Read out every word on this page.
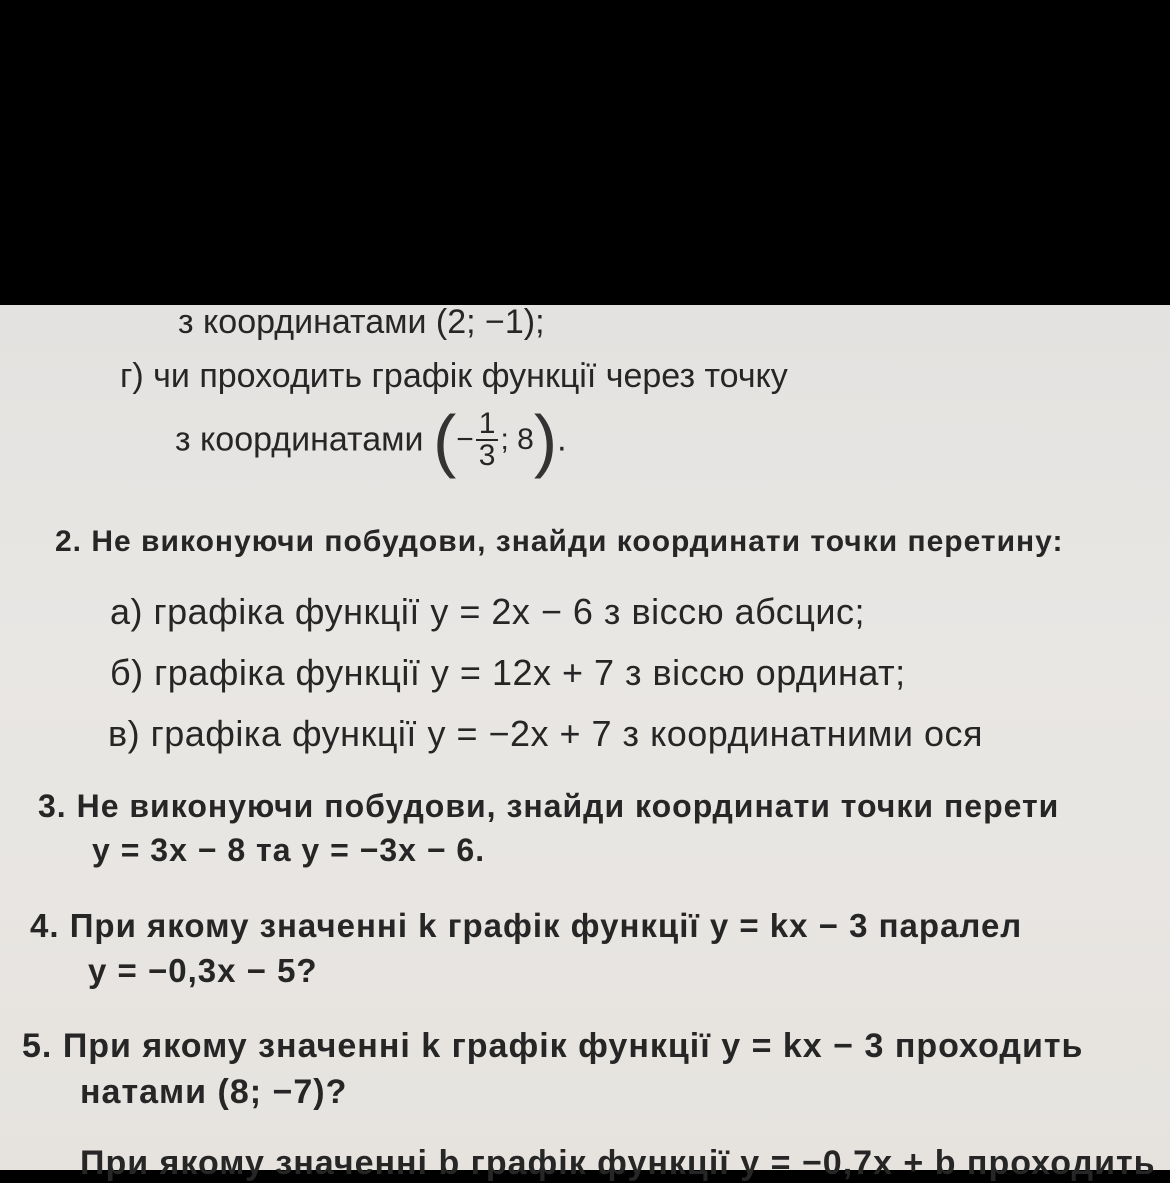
з координатами (2; −1);
г) чи проходить графік функції через точку
з координатами (− $\frac{1}{3}$ ; 8).
2. Не виконуючи побудови, знайди координати точки перетину:
а) графіка функції y = 2x − 6 з віссю абсцис;
б) графіка функції y = 12x + 7 з віссю ординат;
в) графіка функції y = −2x + 7 з координатними ося
3. Не виконуючи побудови, знайди координати точки перети
y = 3x − 8 та y = −3x − 6.
4. При якому значенні k графік функції y = kx − 3 паралел
y = −0,3x − 5?
5. При якому значенні k графік функції y = kx − 3 проходить
натами (8; −7)?
При якому значенні b графік функції y = −0,7x + b проходить
